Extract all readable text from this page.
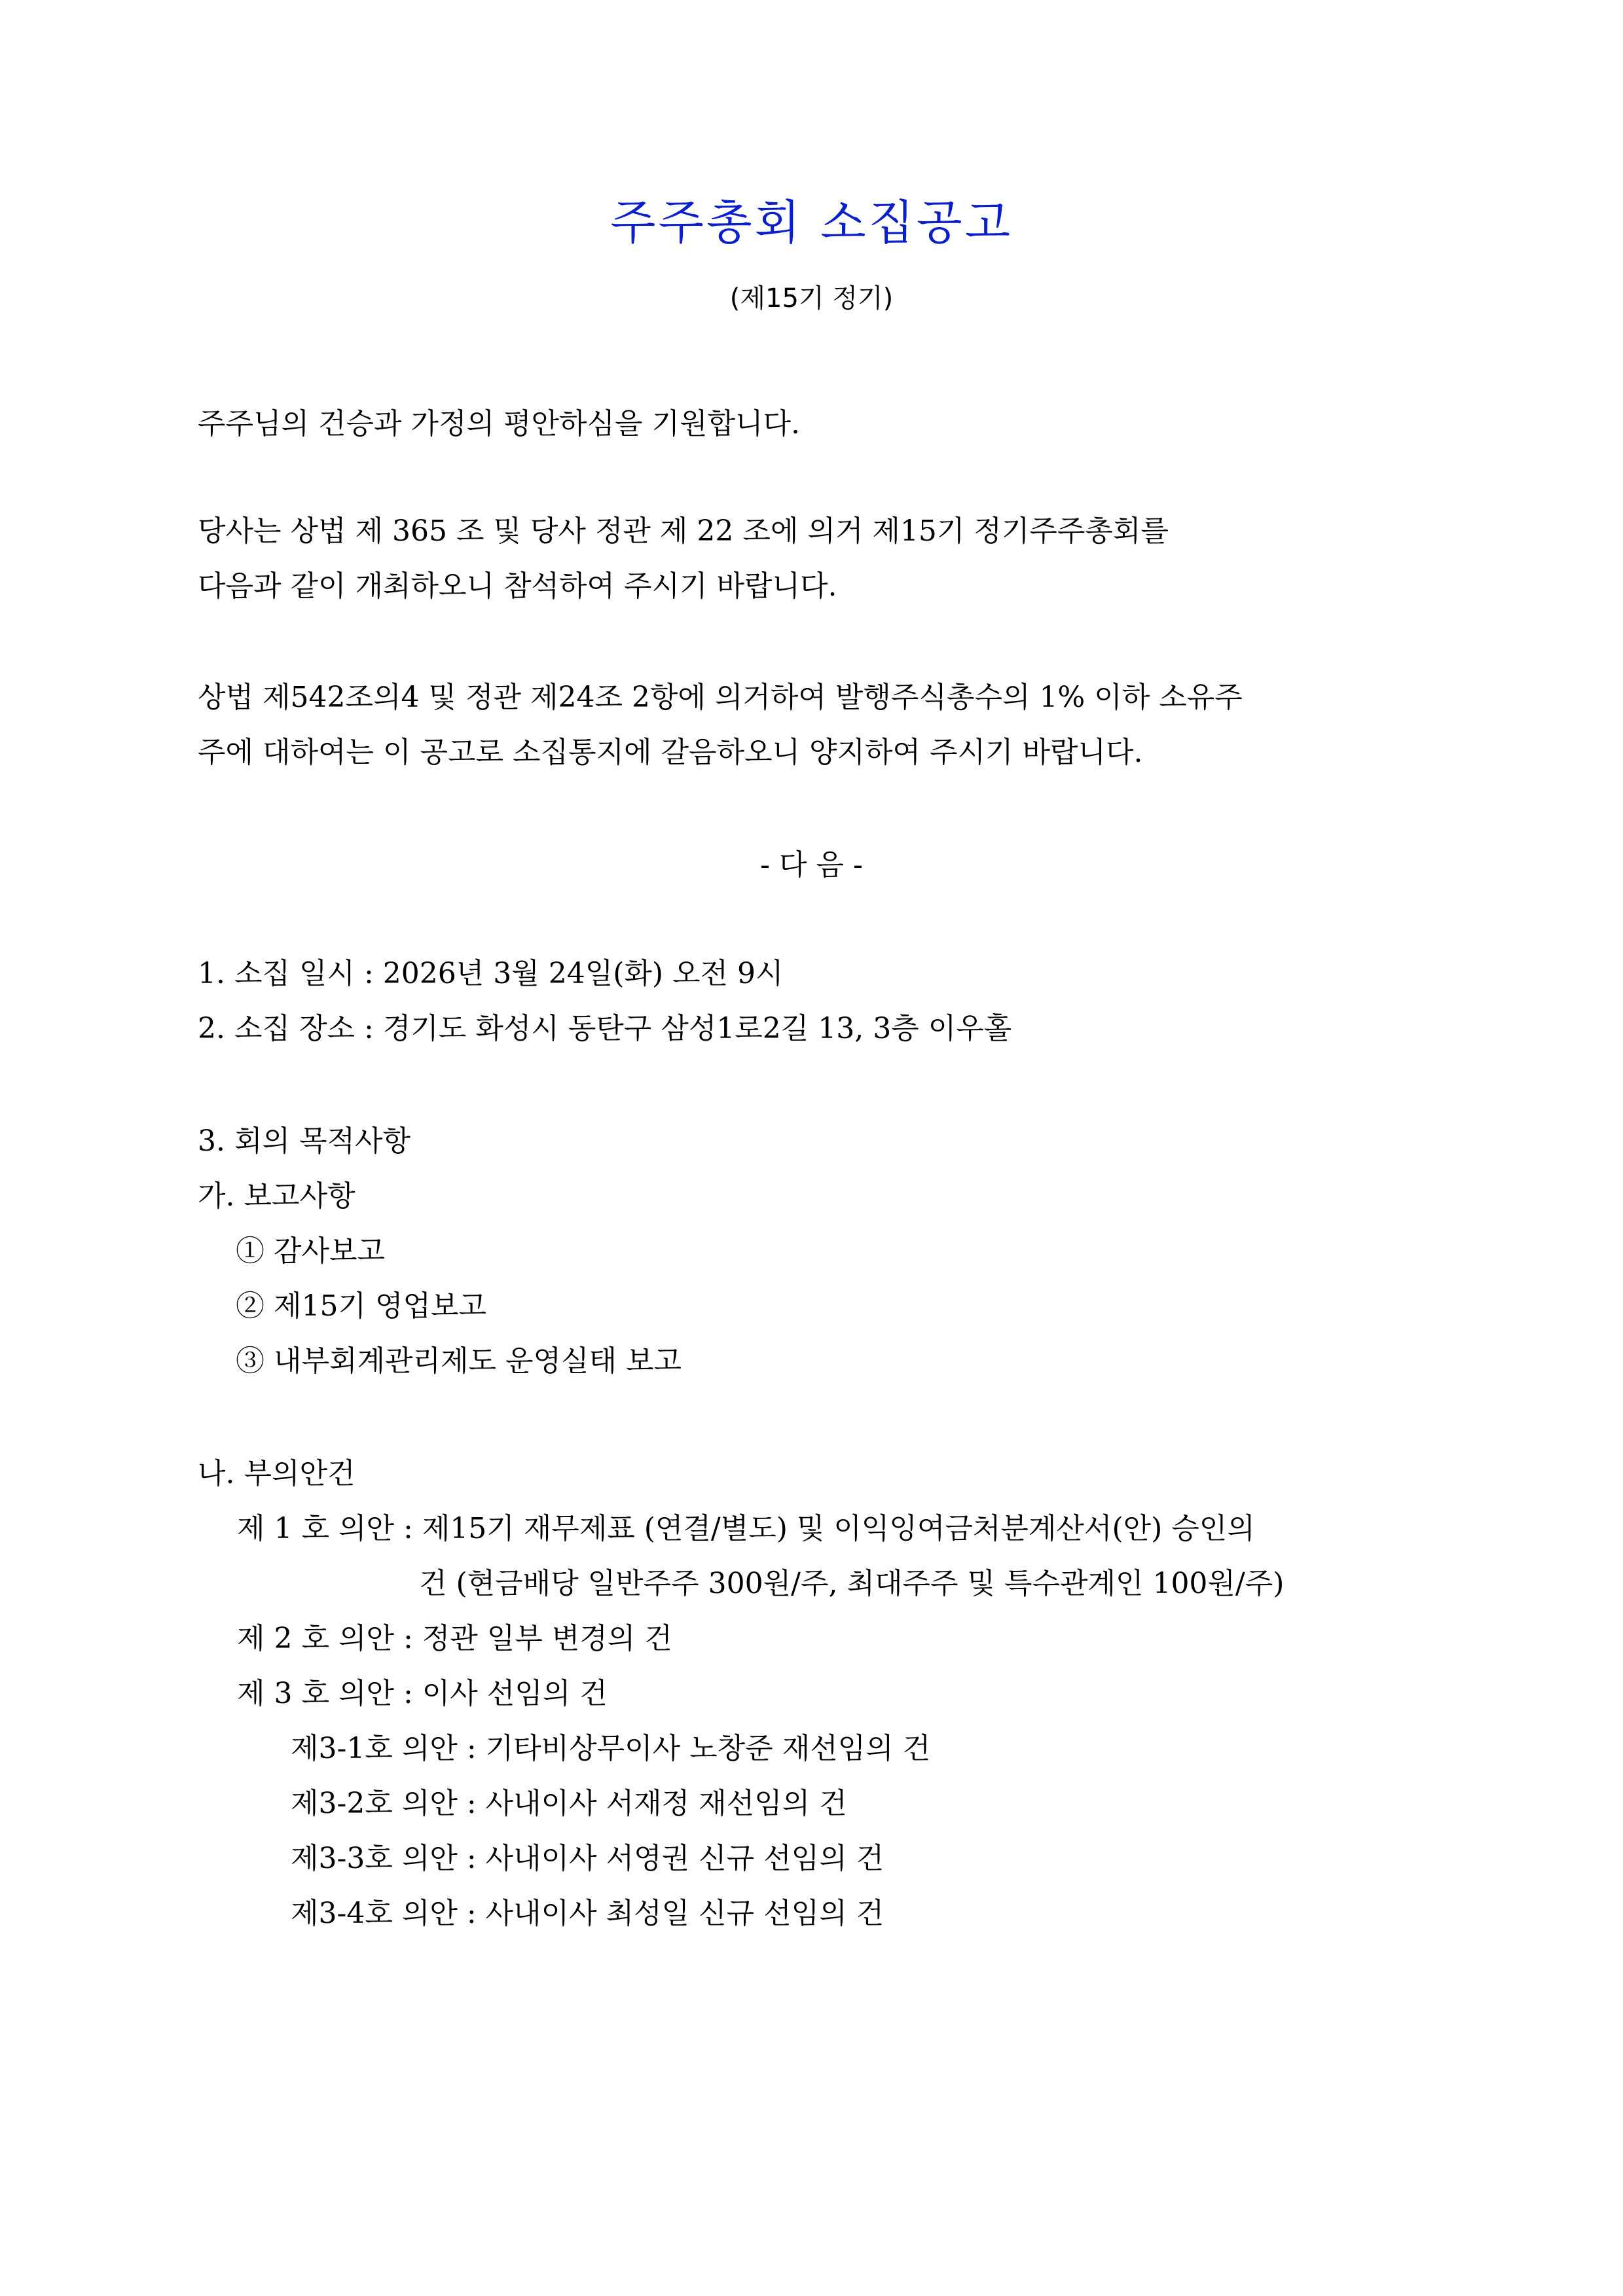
주주총회 소집공고
(제15기 정기)
주주님의 건승과 가정의 평안하심을 기원합니다.
당사는 상법 제 365 조 및 당사 정관 제 22 조에 의거 제15기 정기주주총회를
다음과 같이 개최하오니 참석하여 주시기 바랍니다.
상법 제542조의4 및 정관 제24조 2항에 의거하여 발행주식총수의 1% 이하 소유주
주에 대하여는 이 공고로 소집통지에 갈음하오니 양지하여 주시기 바랍니다.
- 다 음 -
1. 소집 일시 : 2026년 3월 24일(화) 오전 9시
2. 소집 장소 : 경기도 화성시 동탄구 삼성1로2길 13, 3층 이우홀
3. 회의 목적사항
가. 보고사항
① 감사보고
② 제15기 영업보고
③ 내부회계관리제도 운영실태 보고
나. 부의안건
제 1 호 의안 : 제15기 재무제표 (연결/별도) 및 이익잉여금처분계산서(안) 승인의
건 (현금배당 일반주주 300원/주, 최대주주 및 특수관계인 100원/주)
제 2 호 의안 : 정관 일부 변경의 건
제 3 호 의안 : 이사 선임의 건
제3-1호 의안 : 기타비상무이사 노창준 재선임의 건
제3-2호 의안 : 사내이사 서재정 재선임의 건
제3-3호 의안 : 사내이사 서영권 신규 선임의 건
제3-4호 의안 : 사내이사 최성일 신규 선임의 건
